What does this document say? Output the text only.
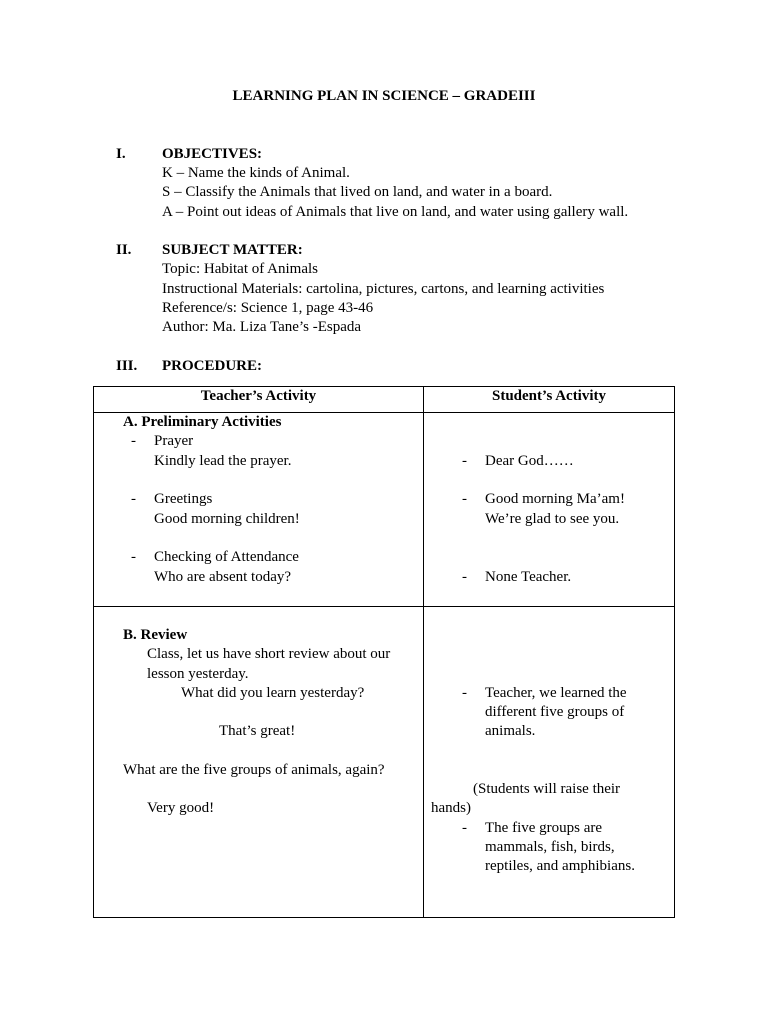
LEARNING PLAN IN SCIENCE – GRADEIII
I. OBJECTIVES:
K – Name the kinds of Animal.
S – Classify the Animals that lived on land, and water in a board.
A – Point out ideas of Animals that live on land, and water using gallery wall.
II. SUBJECT MATTER:
Topic: Habitat of Animals
Instructional Materials: cartolina, pictures, cartons, and learning activities
Reference/s: Science 1, page 43-46
Author: Ma. Liza Tane’s -Espada
III. PROCEDURE:
Teacher’s Activity	Student’s Activity
A. Preliminary Activities
- Prayer
Kindly lead the prayer.
- Greetings
Good morning children!
- Checking of Attendance
Who are absent today?
- Dear God……
- Good morning Ma’am!
We’re glad to see you.
- None Teacher.
B. Review
Class, let us have short review about our
lesson yesterday.
What did you learn yesterday?
That’s great!
What are the five groups of animals, again?
Very good!
- Teacher, we learned the
different five groups of
animals.
(Students will raise their
hands)
- The five groups are
mammals, fish, birds,
reptiles, and amphibians.
